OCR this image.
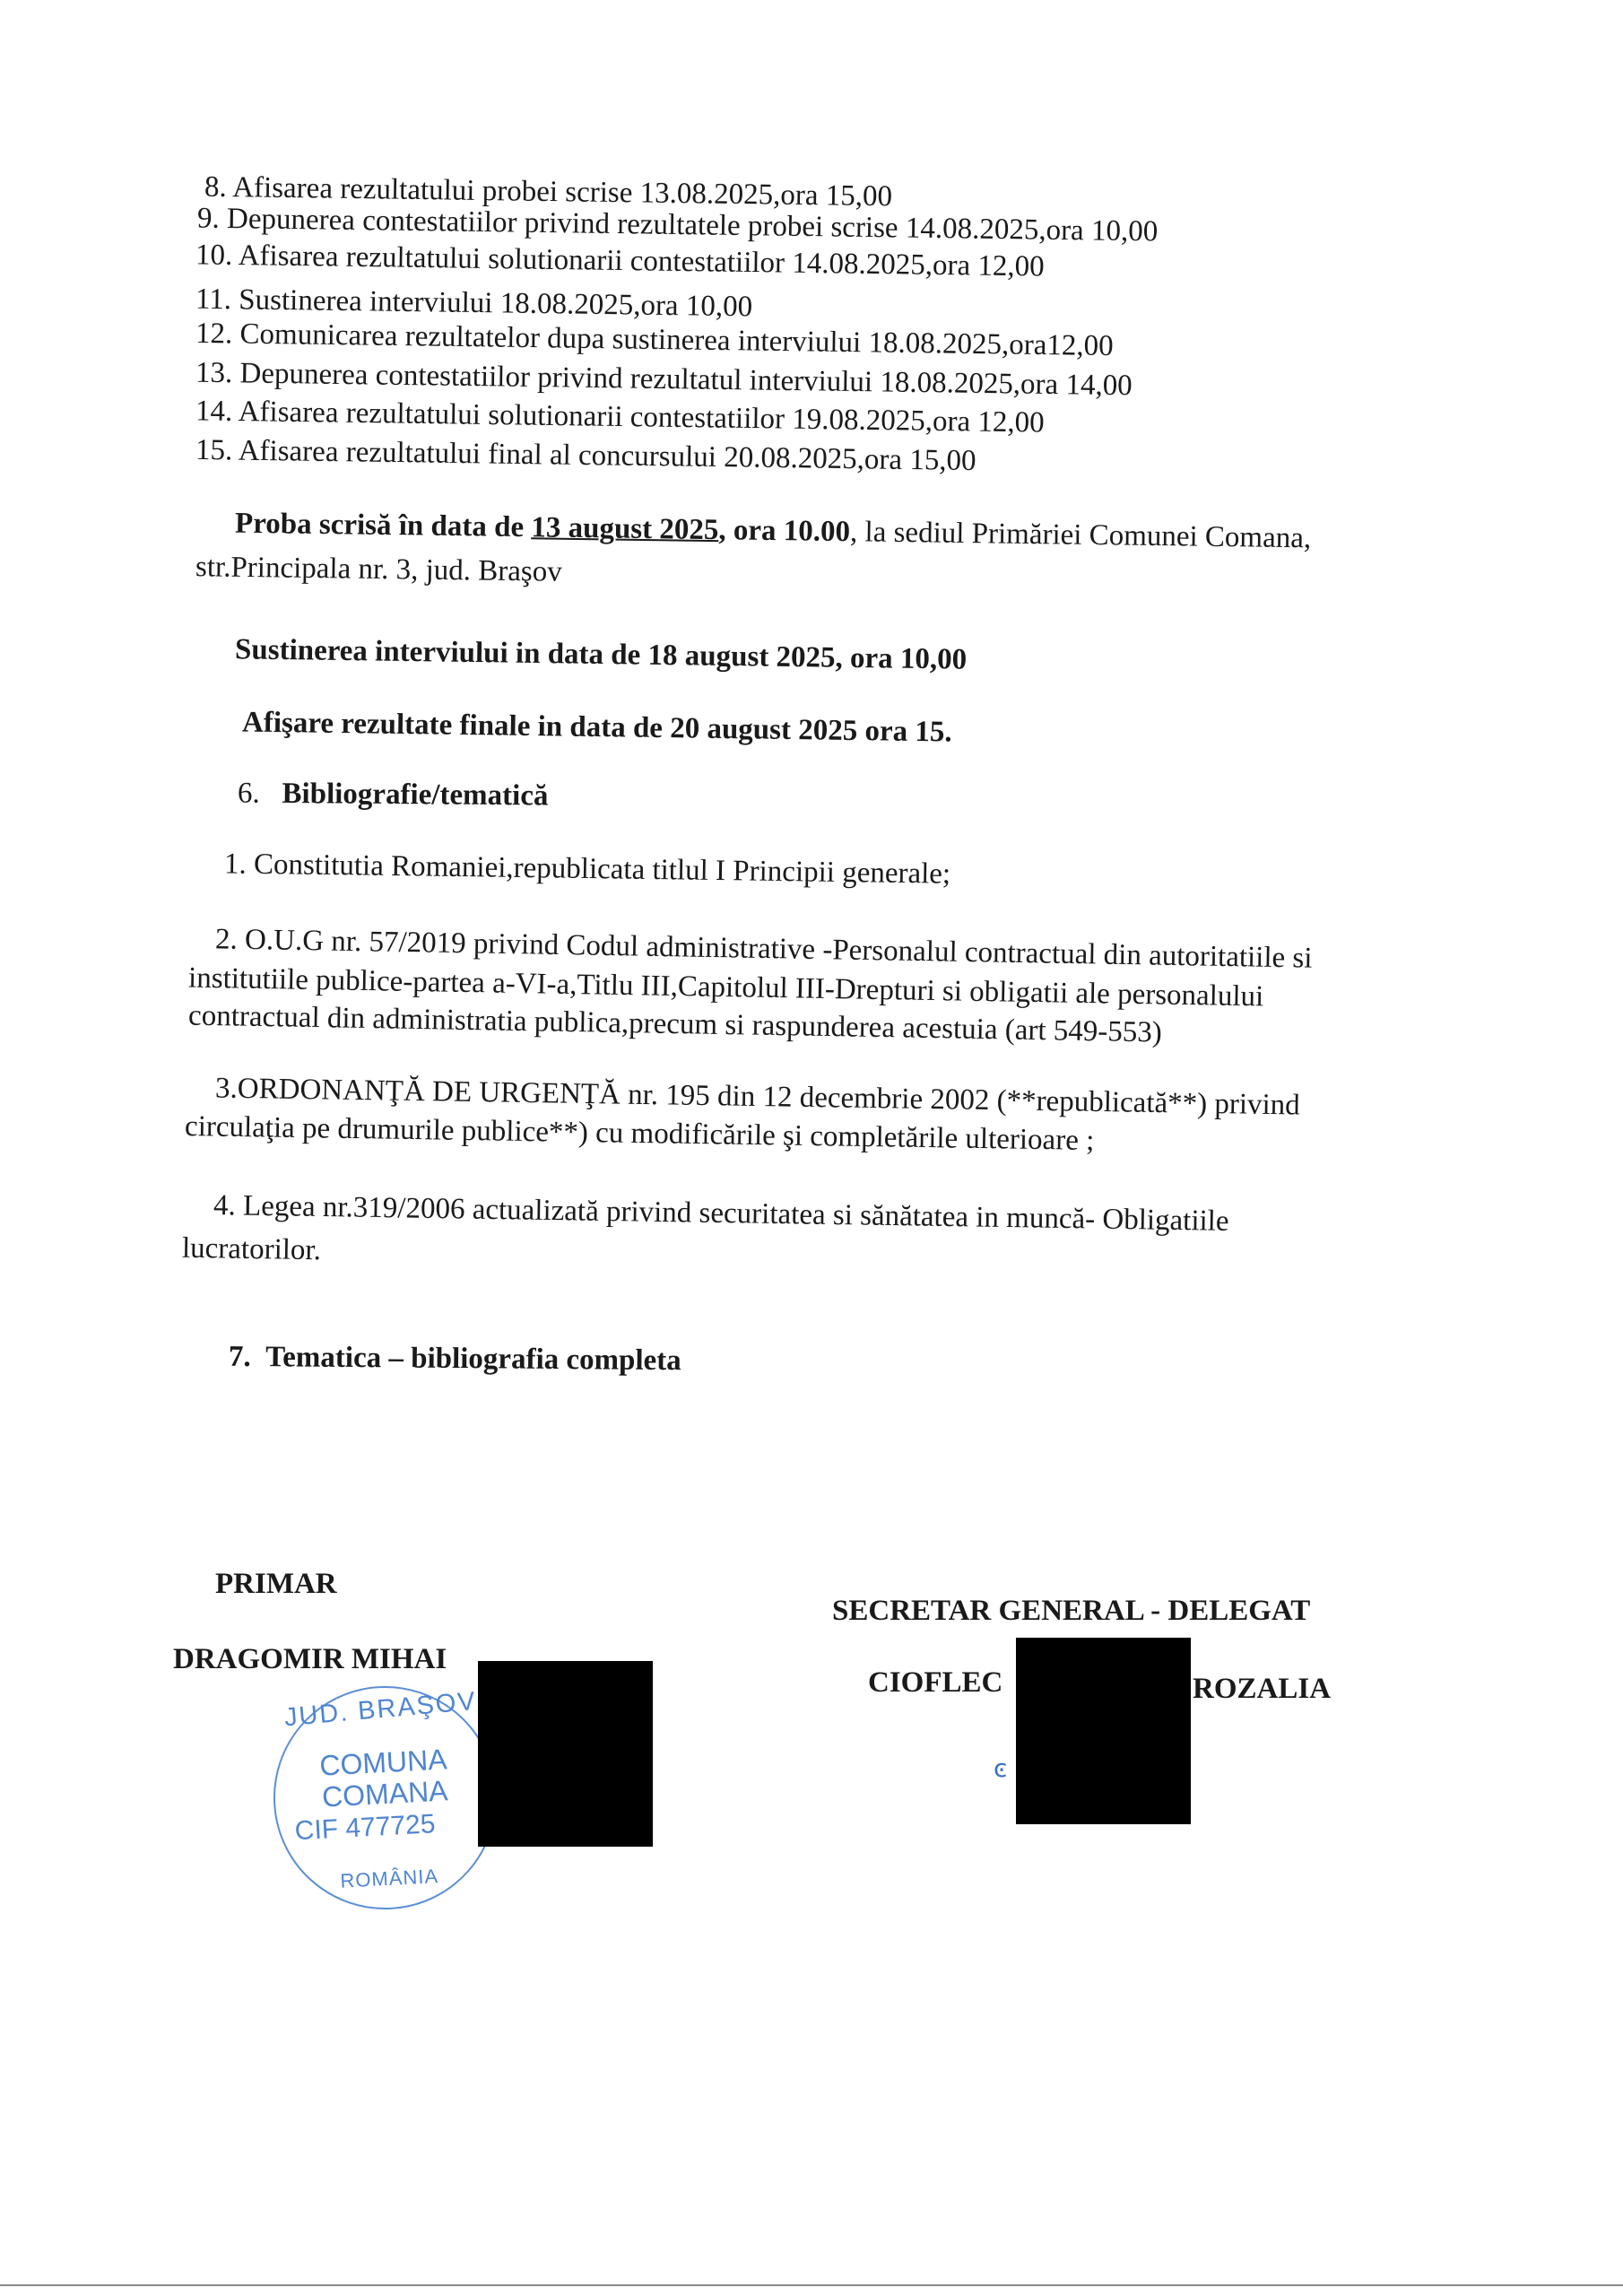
8. Afisarea rezultatului probei scrise 13.08.2025,ora 15,00
9. Depunerea contestatiilor privind rezultatele probei scrise 14.08.2025,ora 10,00
10. Afisarea rezultatului solutionarii contestatiilor 14.08.2025,ora 12,00
11. Sustinerea interviului 18.08.2025,ora 10,00
12. Comunicarea rezultatelor dupa sustinerea interviului 18.08.2025,ora12,00
13. Depunerea contestatiilor privind rezultatul interviului 18.08.2025,ora 14,00
14. Afisarea rezultatului solutionarii contestatiilor 19.08.2025,ora 12,00
15. Afisarea rezultatului final al concursului 20.08.2025,ora 15,00
Proba scrisă în data de 13 august 2025, ora 10.00, la sediul Primăriei Comunei Comana,
str.Principala nr. 3, jud. Braşov
Sustinerea interviului in data de 18 august 2025, ora 10,00
Afişare rezultate finale in data de 20 august 2025 ora 15.
6. Bibliografie/tematică
1. Constitutia Romaniei,republicata titlul I Principii generale;
2. O.U.G nr. 57/2019 privind Codul administrative -Personalul contractual din autoritatiile si
institutiile publice-partea a-VI-a,Titlu III,Capitolul III-Drepturi si obligatii ale personalului
contractual din administratia publica,precum si raspunderea acestuia (art 549-553)
3.ORDONANŢĂ DE URGENŢĂ nr. 195 din 12 decembrie 2002 (**republicată**) privind
circulaţia pe drumurile publice**) cu modificările şi completările ulterioare ;
4. Legea nr.319/2006 actualizată privind securitatea si sănătatea in muncă- Obligatiile
lucratorilor.
7. Tematica – bibliografia completa
PRIMAR
DRAGOMIR MIHAI
SECRETAR GENERAL - DELEGAT
CIOFLEC	ROZALIA
JUD. BRAŞOV
COMUNA
COMANA
CIF 477725
ROMÂNIA
ͼ
